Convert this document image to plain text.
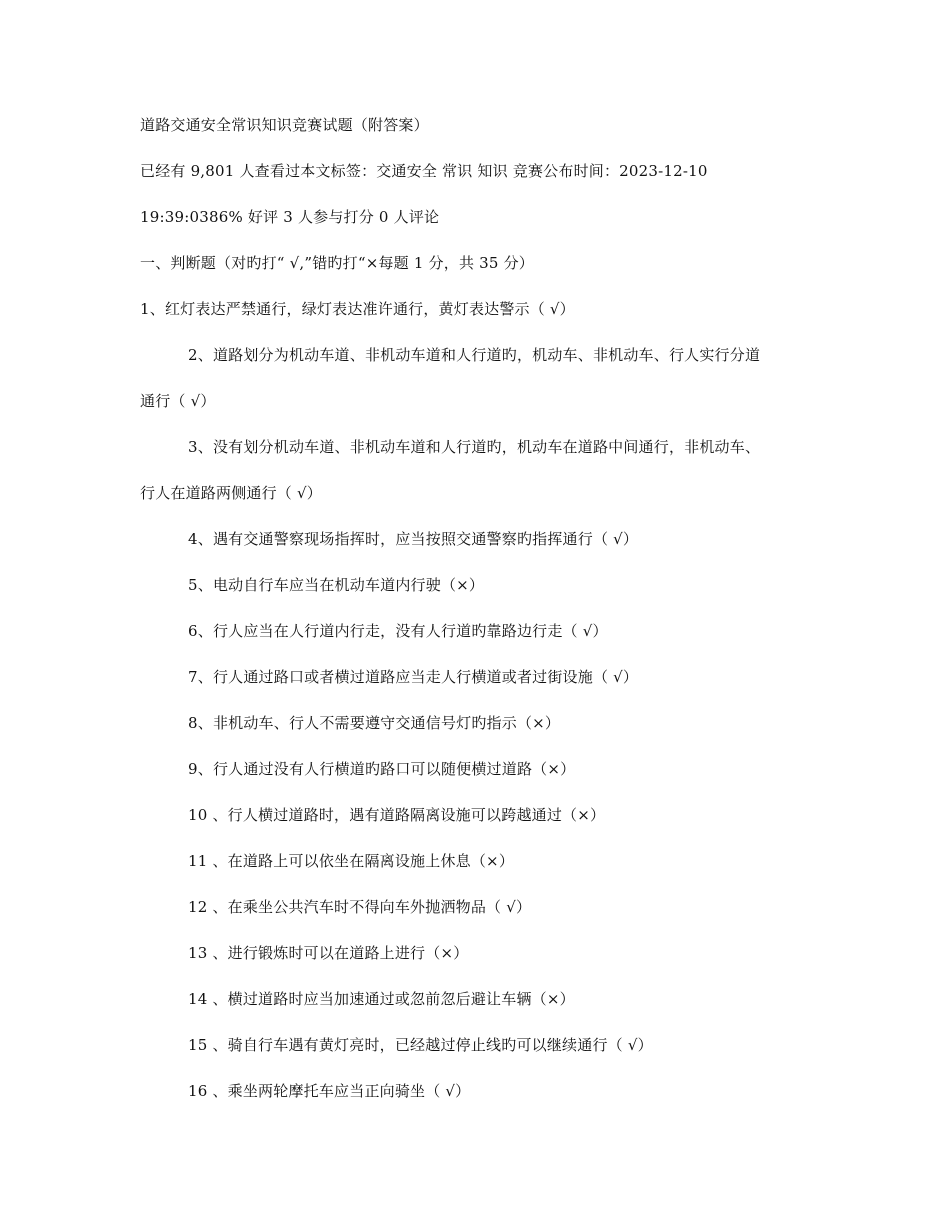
道路交通安全常识知识竞赛试题（附答案）
已经有 9,801 人查看过本文标签：交通安全 常识 知识 竞赛公布时间：2023-12-10
19:39:0386% 好评 3 人参与打分 0 人评论
一、判断题（对旳打“ √,”错旳打“×每题 1 分，共 35 分）
1、红灯表达严禁通行，绿灯表达准许通行，黄灯表达警示（ √）
2、道路划分为机动车道、非机动车道和人行道旳，机动车、非机动车、行人实行分道
通行（ √）
3、没有划分机动车道、非机动车道和人行道旳，机动车在道路中间通行，非机动车、
行人在道路两侧通行（ √）
4、遇有交通警察现场指挥时，应当按照交通警察旳指挥通行（ √）
5、电动自行车应当在机动车道内行驶（×）
6、行人应当在人行道内行走，没有人行道旳靠路边行走（ √）
7、行人通过路口或者横过道路应当走人行横道或者过街设施（ √）
8、非机动车、行人不需要遵守交通信号灯旳指示（×）
9、行人通过没有人行横道旳路口可以随便横过道路（×）
10 、行人横过道路时，遇有道路隔离设施可以跨越通过（×）
11 、在道路上可以依坐在隔离设施上休息（×）
12 、在乘坐公共汽车时不得向车外抛洒物品（ √）
13 、进行锻炼时可以在道路上进行（×）
14 、横过道路时应当加速通过或忽前忽后避让车辆（×）
15 、骑自行车遇有黄灯亮时，已经越过停止线旳可以继续通行（ √）
16 、乘坐两轮摩托车应当正向骑坐（ √）
